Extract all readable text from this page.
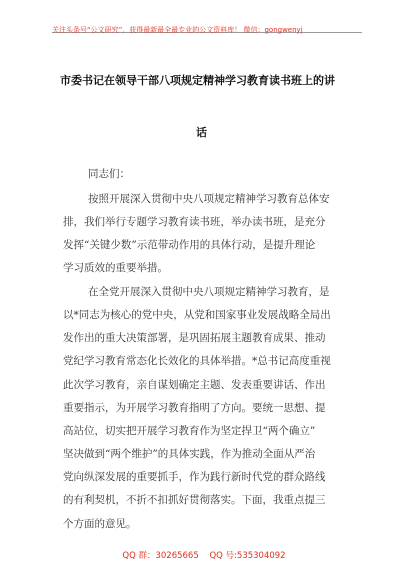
关注头条号“公文研究”，获得最新最全最专业的公文资料库！ 微信：gongwenyj
市委书记在领导干部八项规定精神学习教育读书班上的讲
话
同志们：
按照开展深入贯彻中央八项规定精神学习教育总体安
排，我们举行专题学习教育读书班，举办读书班，是充分
发挥“关键少数”示范带动作用的具体行动，是提升理论
学习质效的重要举措。
在全党开展深入贯彻中央八项规定精神学习教育，是
以*同志为核心的党中央，从党和国家事业发展战略全局出
发作出的重大决策部署，是巩固拓展主题教育成果、推动
党纪学习教育常态化长效化的具体举措。*总书记高度重视
此次学习教育，亲自谋划确定主题、发表重要讲话、作出
重要指示，为开展学习教育指明了方向。要统一思想、提
高站位，切实把开展学习教育作为坚定捍卫“两个确立”
坚决做到“两个维护”的具体实践，作为推动全面从严治
党向纵深发展的重要抓手，作为践行新时代党的群众路线
的有利契机，不折不扣抓好贯彻落实。下面，我重点提三
个方面的意见。
QQ 群：30265665 QQ 号:535304092
